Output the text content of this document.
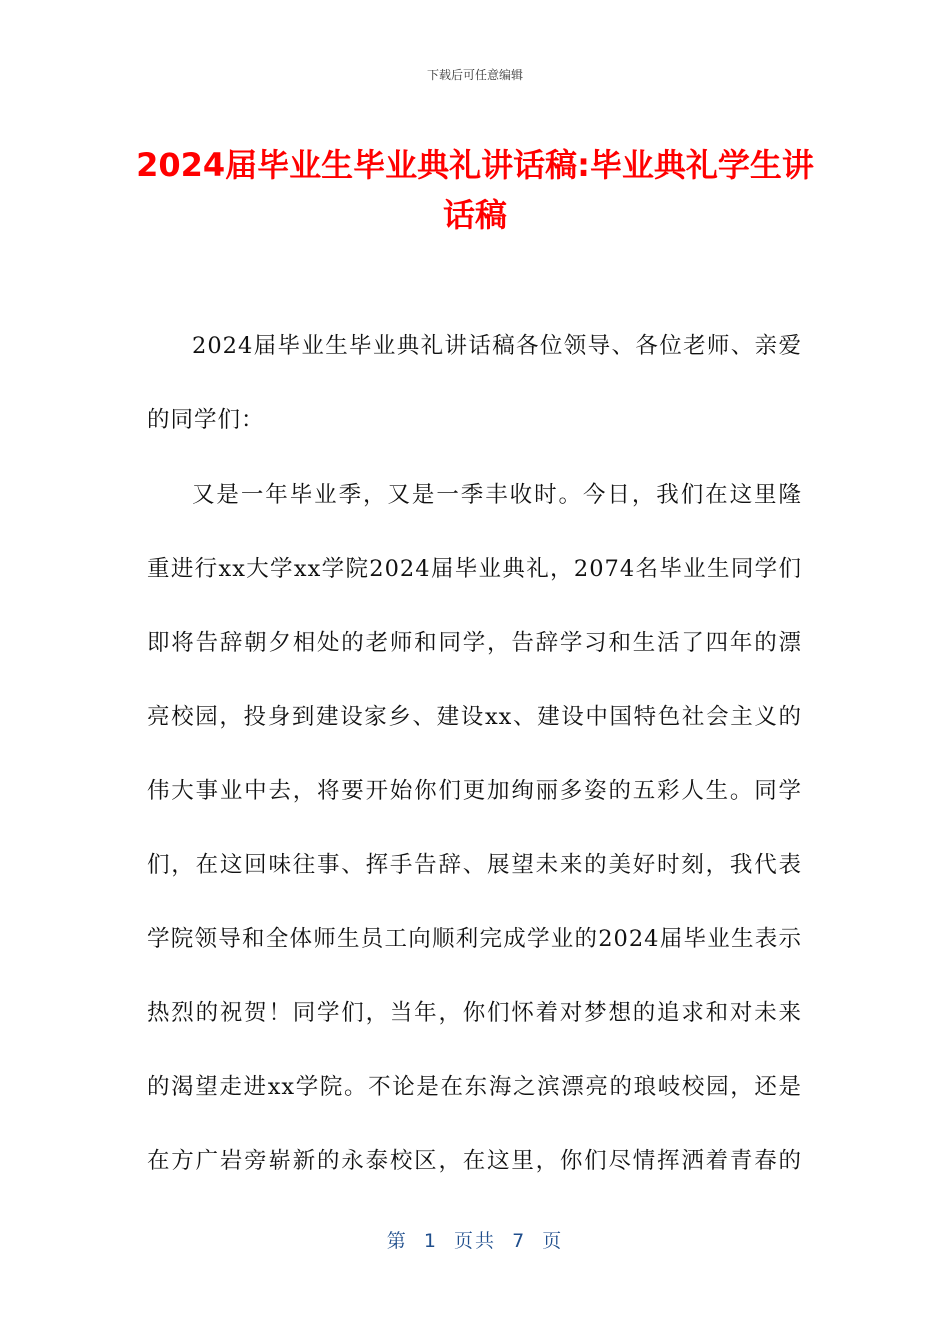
下载后可任意编辑
2024届毕业生毕业典礼讲话稿:毕业典礼学生讲话稿
2024届毕业生毕业典礼讲话稿各位领导、各位老师、亲爱
的同学们：
又是一年毕业季，又是一季丰收时。今日，我们在这里隆
重进行xx大学xx学院2024届毕业典礼，2074名毕业生同学们
即将告辞朝夕相处的老师和同学，告辞学习和生活了四年的漂
亮校园，投身到建设家乡、建设xx、建设中国特色社会主义的
伟大事业中去，将要开始你们更加绚丽多姿的五彩人生。同学
们，在这回味往事、挥手告辞、展望未来的美好时刻，我代表
学院领导和全体师生员工向顺利完成学业的2024届毕业生表示
热烈的祝贺！同学们，当年，你们怀着对梦想的追求和对未来
的渴望走进xx学院。不论是在东海之滨漂亮的琅岐校园，还是
在方广岩旁崭新的永泰校区，在这里，你们尽情挥洒着青春的
第  1  页共  7  页
